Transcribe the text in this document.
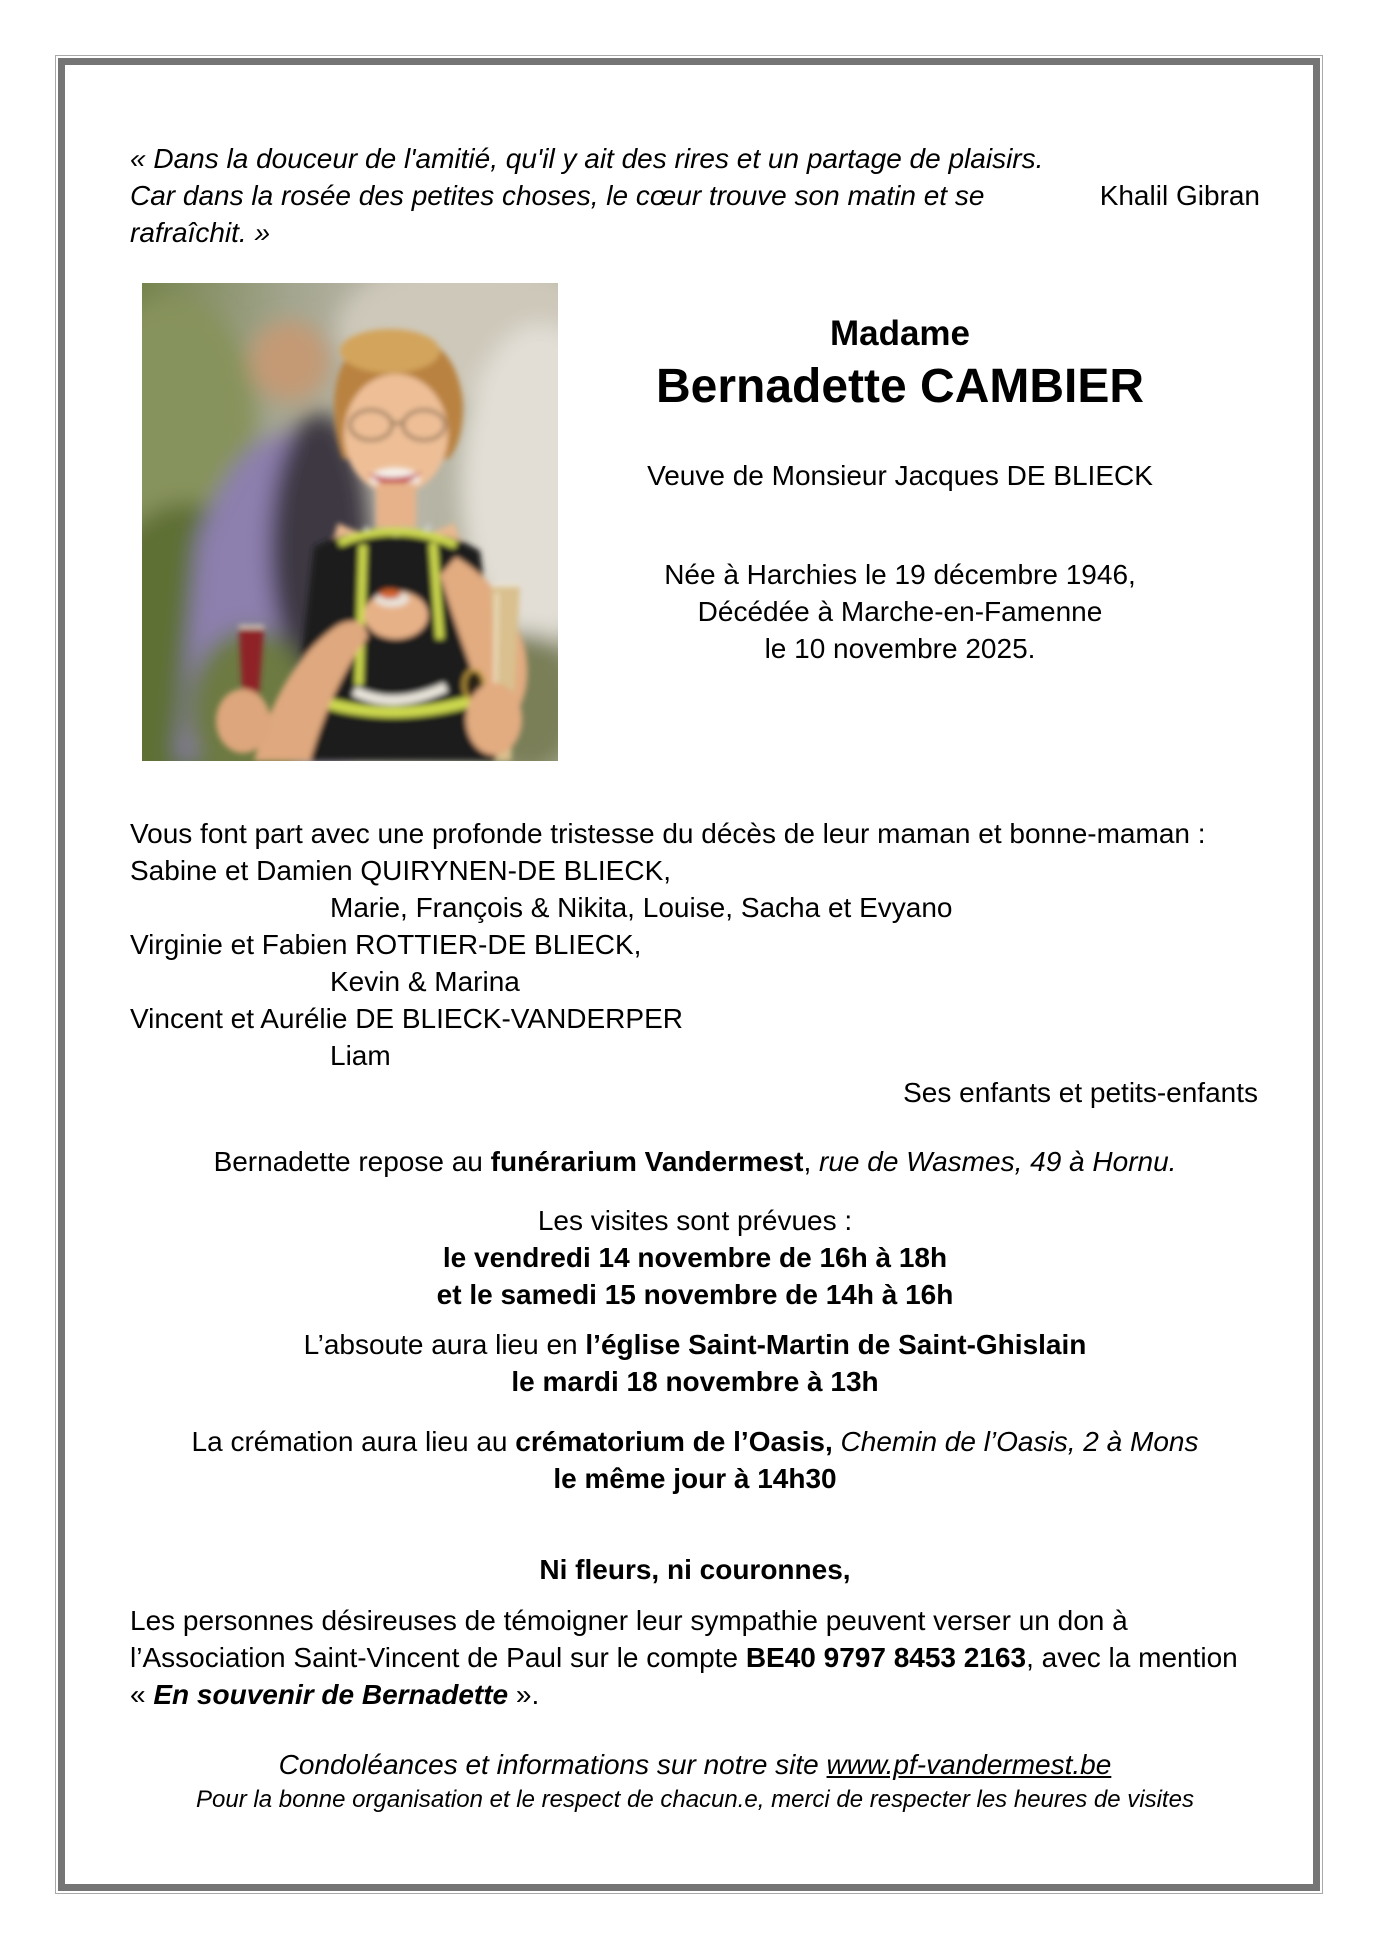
« Dans la douceur de l'amitié, qu'il y ait des rires et un partage de plaisirs.
Car dans la rosée des petites choses, le cœur trouve son matin et se rafraîchit. »
Khalil Gibran
Madame
Bernadette CAMBIER
Veuve de Monsieur Jacques DE BLIECK
Née à Harchies le 19 décembre 1946,
Décédée à Marche-en-Famenne
le 10 novembre 2025.
Vous font part avec une profonde tristesse du décès de leur maman et bonne-maman :
Sabine et Damien QUIRYNEN-DE BLIECK,
Marie, François & Nikita, Louise, Sacha et Evyano
Virginie et Fabien ROTTIER-DE BLIECK,
Kevin & Marina
Vincent et Aurélie DE BLIECK-VANDERPER
Liam
Ses enfants et petits-enfants
Bernadette repose au funérarium Vandermest, rue de Wasmes, 49 à Hornu.
Les visites sont prévues :
le vendredi 14 novembre de 16h à 18h
et le samedi 15 novembre de 14h à 16h
L’absoute aura lieu en l’église Saint-Martin de Saint-Ghislain
le mardi 18 novembre à 13h
La crémation aura lieu au crématorium de l’Oasis, Chemin de l’Oasis, 2 à Mons
le même jour à 14h30
Ni fleurs, ni couronnes,
Les personnes désireuses de témoigner leur sympathie peuvent verser un don à
l’Association Saint-Vincent de Paul sur le compte BE40 9797 8453 2163, avec la mention
« En souvenir de Bernadette ».
Condoléances et informations sur notre site www.pf-vandermest.be
Pour la bonne organisation et le respect de chacun.e, merci de respecter les heures de visites
